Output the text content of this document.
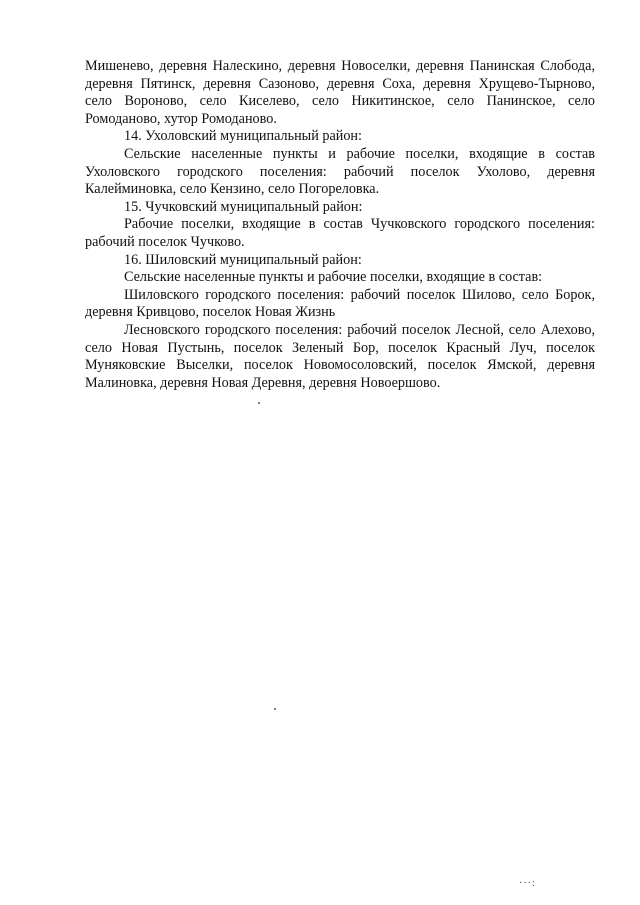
Мишенево, деревня Налескино, деревня Новоселки, деревня Панинская Слобода, деревня Пятинск, деревня Сазоново, деревня Соха, деревня Хрущево-Тырново, село Вороново, село Киселево, село Никитинское, село Панинское, село Ромоданово, хутор Ромоданово.

14. Ухоловский муниципальный район:

Сельские населенные пункты и рабочие поселки, входящие в состав Ухоловского городского поселения: рабочий поселок Ухолово, деревня Калейминовка, село Кензино, село Погореловка.

15. Чучковский муниципальный район:

Рабочие поселки, входящие в состав Чучковского городского поселения: рабочий поселок Чучково.

16. Шиловский муниципальный район:

Сельские населенные пункты и рабочие поселки, входящие в состав:

Шиловского городского поселения: рабочий поселок Шилово, село Борок, деревня Кривцово, поселок Новая Жизнь

Лесновского городского поселения: рабочий поселок Лесной, село Алехово, село Новая Пустынь, поселок Зеленый Бор, поселок Красный Луч, поселок Муняковские Выселки, поселок Новомосоловский, поселок Ямской, деревня Малиновка, деревня Новая Деревня, деревня Новоершово.

···:
